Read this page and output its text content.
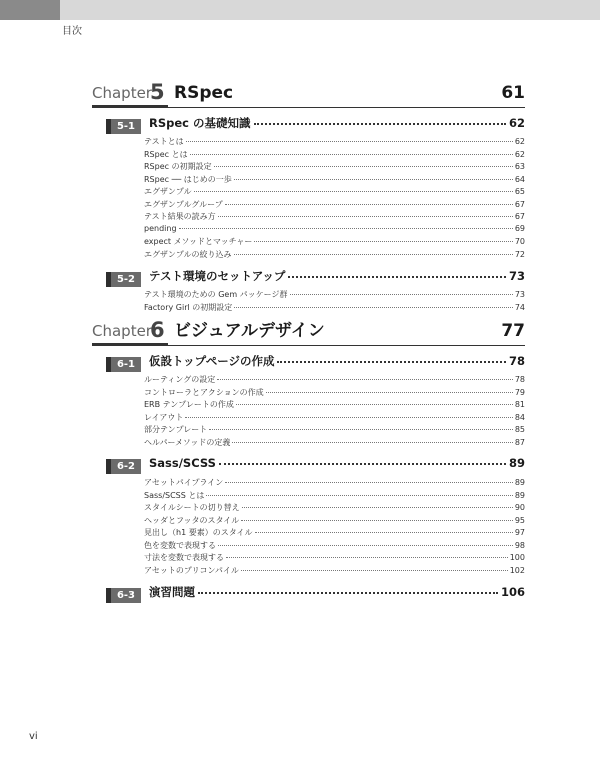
目次
Chapter
5 RSpec	61
5-1	RSpec の基礎知識	62
テストとは	62
RSpec とは	62
RSpec の初期設定	63
RSpec ── はじめの一歩	64
エグザンプル	65
エグザンプルグループ	67
テスト結果の読み方	67
pending	69
expect メソッドとマッチャー	70
エグザンプルの絞り込み	72
5-2	テスト環境のセットアップ	73
テスト環境のための Gem パッケージ群	73
Factory Girl の初期設定	74
Chapter
6 ビジュアルデザイン	77
6-1	仮設トップページの作成	78
ルーティングの設定	78
コントローラとアクションの作成	79
ERB テンプレートの作成	81
レイアウト	84
部分テンプレート	85
ヘルパーメソッドの定義	87
6-2	Sass/SCSS	89
アセットパイプライン	89
Sass/SCSS とは	89
スタイルシートの切り替え	90
ヘッダとフッタのスタイル	95
見出し（h1 要素）のスタイル	97
色を変数で表現する	98
寸法を変数で表現する	100
アセットのプリコンパイル	102
6-3	演習問題	106
vi
